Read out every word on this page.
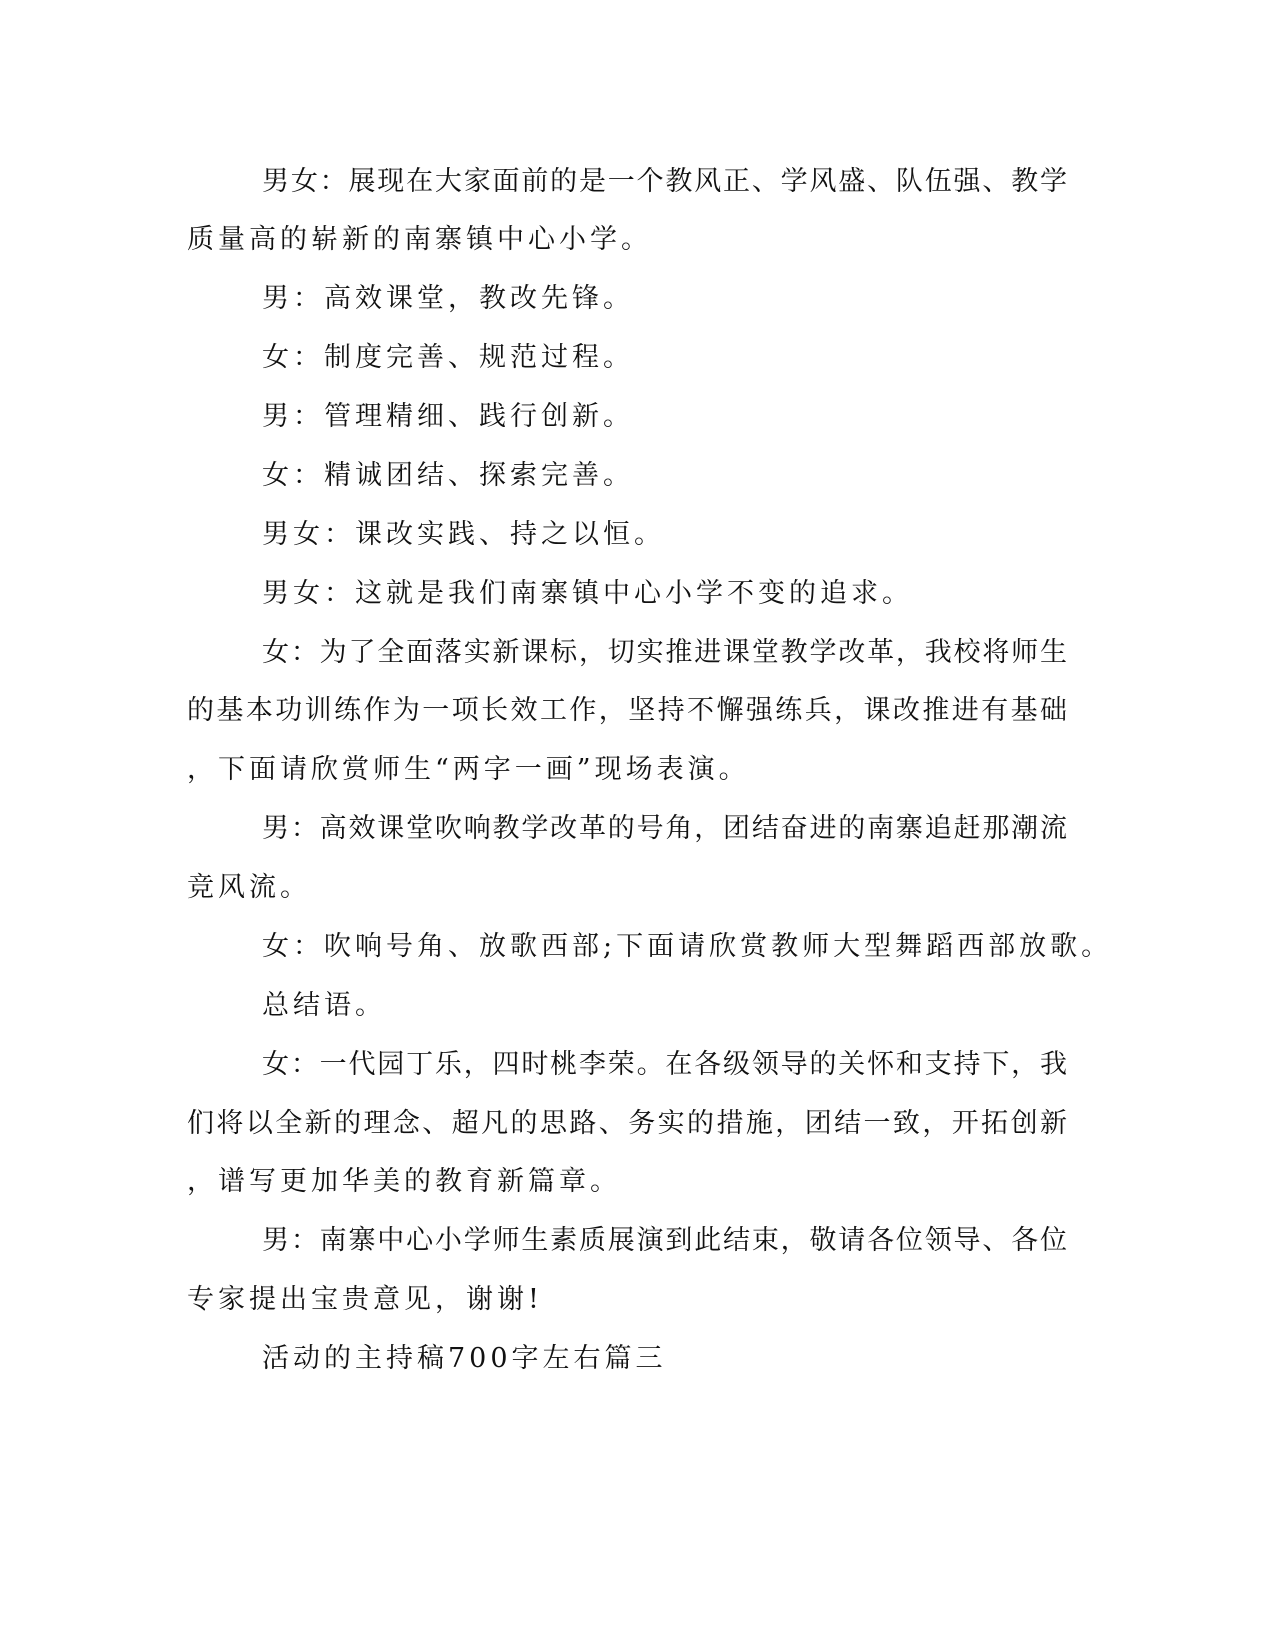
男女：展现在大家面前的是一个教风正、学风盛、队伍强、教学
质量高的崭新的南寨镇中心小学。
男：高效课堂，教改先锋。
女：制度完善、规范过程。
男：管理精细、践行创新。
女：精诚团结、探索完善。
男女：课改实践、持之以恒。
男女：这就是我们南寨镇中心小学不变的追求。
女：为了全面落实新课标，切实推进课堂教学改革，我校将师生
的基本功训练作为一项长效工作，坚持不懈强练兵，课改推进有基础
，下面请欣赏师生“两字一画”现场表演。
男：高效课堂吹响教学改革的号角，团结奋进的南寨追赶那潮流
竞风流。
女：吹响号角、放歌西部;下面请欣赏教师大型舞蹈西部放歌。
总结语。
女：一代园丁乐，四时桃李荣。在各级领导的关怀和支持下，我
们将以全新的理念、超凡的思路、务实的措施，团结一致，开拓创新
，谱写更加华美的教育新篇章。
男：南寨中心小学师生素质展演到此结束，敬请各位领导、各位
专家提出宝贵意见，谢谢!
活动的主持稿700字左右篇三
